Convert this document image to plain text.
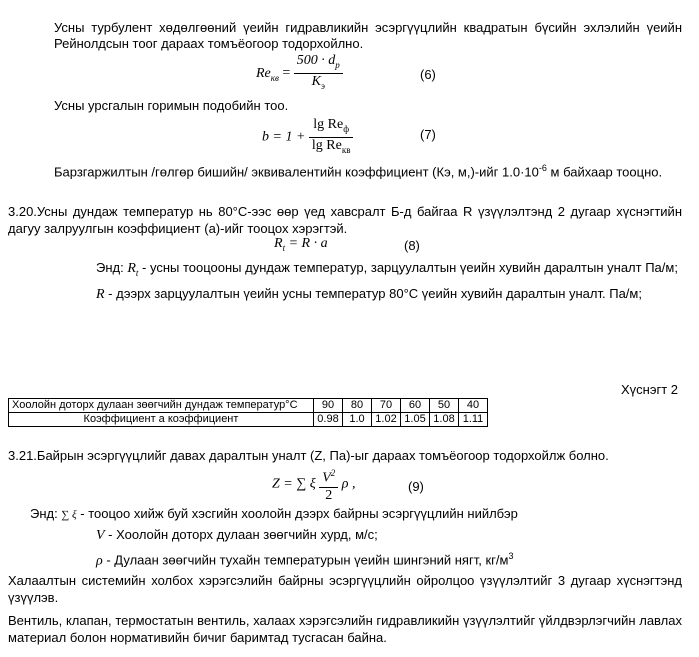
Усны турбулент хөдөлгөөний үеийн гидравликийн эсэргүүцлийн квадратын бүсийн эхлэлийн үеийн Рейнолдсын тоог дараах томъёогоор тодорхойлно.
$Re_{кв} = \frac{500 \cdot d_р}{K_э}$	(6)
Усны урсгалын горимын подобийн тоо.
$b = 1 + \frac{\lg Re_ф}{\lg Re_{кв}}$	(7)
Барзгаржилтын /гөлгөр бишийн/ эквивалентийн коэффициент (Кэ, м,)-ийг $1.0\cdot 10^{-6}$ м байхаар тооцно.
3.20.Усны дундаж температур нь 80°С-ээс өөр үед хавсралт Б-д байгаа R үзүүлэлтэнд 2 дугаар хүснэгтийн дагуу залруулгын коэффициент (а)-ийг тооцох хэрэгтэй.
$R_t = R \cdot a$	(8)
Энд: $R_t$ - усны тооцооны дундаж температур, зарцуулалтын үеийн хувийн даралтын уналт Па/м;
R - дээрх зарцуулалтын үеийн усны температур 80°С үеийн хувийн даралтын уналт. Па/м;
Хүснэгт 2
Хоолойн доторх дулаан зөөгчийн дундаж температур°С	90	80	70	60	50	40
Коэффициент а коэффициент	0.98	1.0	1.02	1.05	1.08	1.11
3.21.Байрын эсэргүүцлийг давах даралтын уналт (Z, Па)-ыг дараах томъёогоор тодорхойлж болно.
Z = ∑ ξ $\frac{V^2}{2}$ ρ ,	(9)
Энд: ∑ ξ - тооцоо хийж буй хэсгийн хоолойн дээрх байрны эсэргүүцлийн нийлбэр
V - Хоолойн доторх дулаан зөөгчийн хурд, м/с;
ρ - Дулаан зөөгчийн тухайн температурын үеийн шингэний нягт, $кг/м^3$
Халаалтын системийн холбох хэрэгсэлийн байрны эсэргүүцлийн ойролцоо үзүүлэлтийг 3 дугаар хүснэгтэнд үзүүлэв.
Вентиль, клапан, термостатын вентиль, халаах хэрэгсэлийн гидравликийн үзүүлэлтийг үйлдвэрлэгчийн лавлах материал болон нормативийн бичиг баримтад тусгасан байна.
